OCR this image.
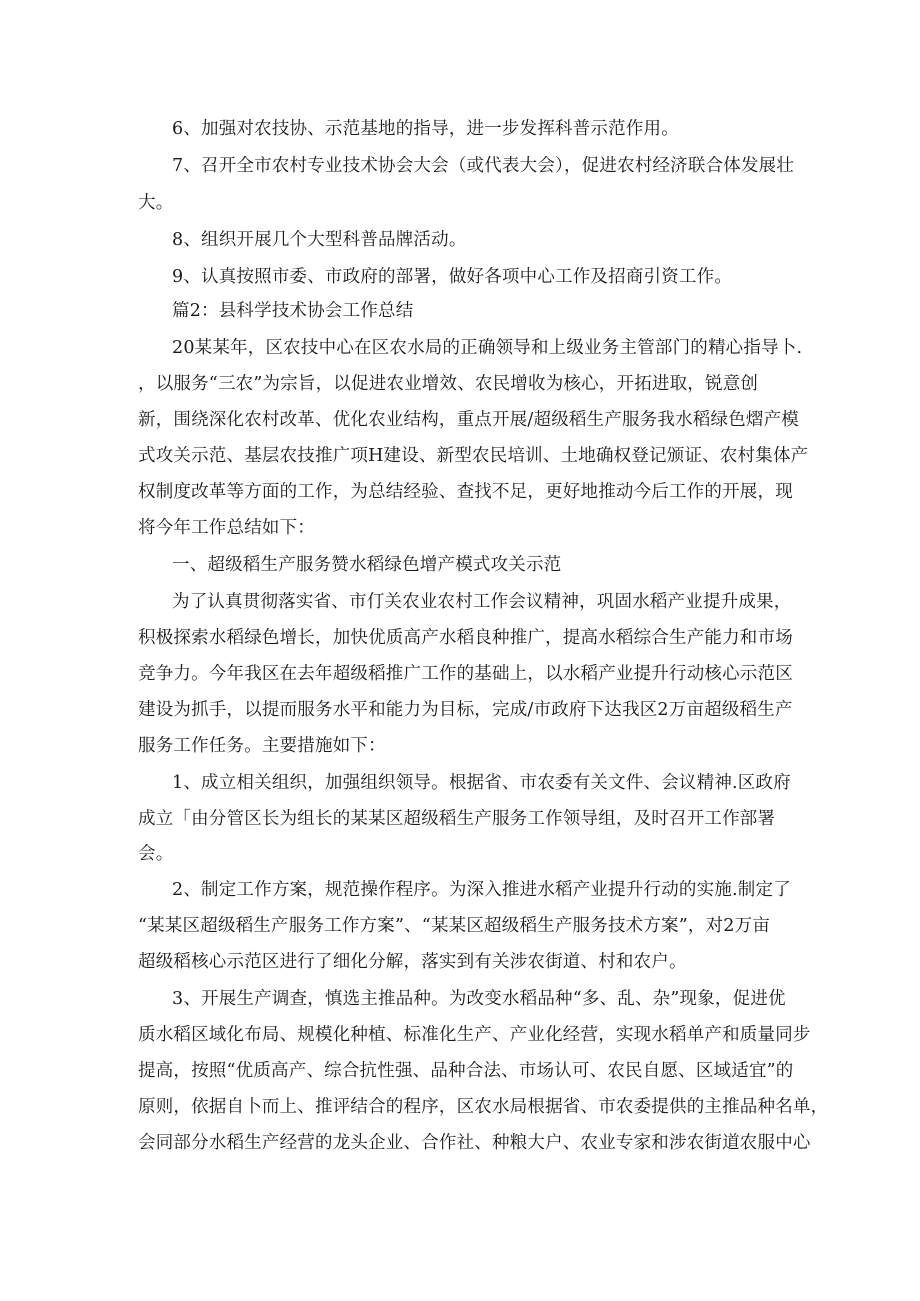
6、加强对农技协、示范基地的指导，进一步发挥科普示范作用。
7、召开全市农村专业技术协会大会（或代表大会），促进农村经济联合体发展壮
大。
8、组织开展几个大型科普品牌活动。
9、认真按照市委、市政府的部署，做好各项中心工作及招商引资工作。
篇2：县科学技术协会工作总结
20某某年，区农技中心在区农水局的正确领导和上级业务主管部门的精心指导卜.
，以服务“三农”为宗旨，以促进农业增效、农民增收为核心，开拓进取，锐意创
新，围绕深化农村改革、优化农业结构，重点开展/超级稻生产服务我水稻绿色熠产模
式攻关示范、基层农技推广项H建设、新型农民培训、土地确权登记颁证、农村集体产
权制度改革等方面的工作，为总结经验、查找不足，更好地推动今后工作的开展，现
将今年工作总结如下：
一、超级稻生产服务赞水稻绿色增产模式攻关示范
为了认真贯彻落实省、市仃关农业农村工作会议精神，巩固水稻产业提升成果，
积极探索水稻绿色增长，加快优质高产水稻良种推广，提高水稻综合生产能力和市场
竞争力。今年我区在去年超级稻推广工作的基础上，以水稻产业提升行动核心示范区
建设为抓手，以提而服务水平和能力为目标，完成/市政府下达我区2万亩超级稻生产
服务工作任务。主要措施如下：
1、成立相关组织，加强组织领导。根据省、市农委有关文件、会议精神.区政府
成立「由分管区长为组长的某某区超级稻生产服务工作领导组，及时召开工作部署
会。
2、制定工作方案，规范操作程序。为深入推进水稻产业提升行动的实施.制定了
“某某区超级稻生产服务工作方案”、“某某区超级稻生产服务技术方案”，对2万亩
超级稻核心示范区进行了细化分解，落实到有关涉农街道、村和农户。
3、开展生产调查，慎选主推品种。为改变水稻品种“多、乱、杂”现象，促进优
质水稻区域化布局、规模化种植、标准化生产、产业化经营，实现水稻单产和质量同步
提高，按照“优质高产、综合抗性强、品种合法、市场认可、农民自愿、区域适宜”的
原则，依据自卜而上、推评结合的程序，区农水局根据省、市农委提供的主推品种名单，
会同部分水稻生产经营的龙头企业、合作社、种粮大户、农业专家和涉农街道农服中心
